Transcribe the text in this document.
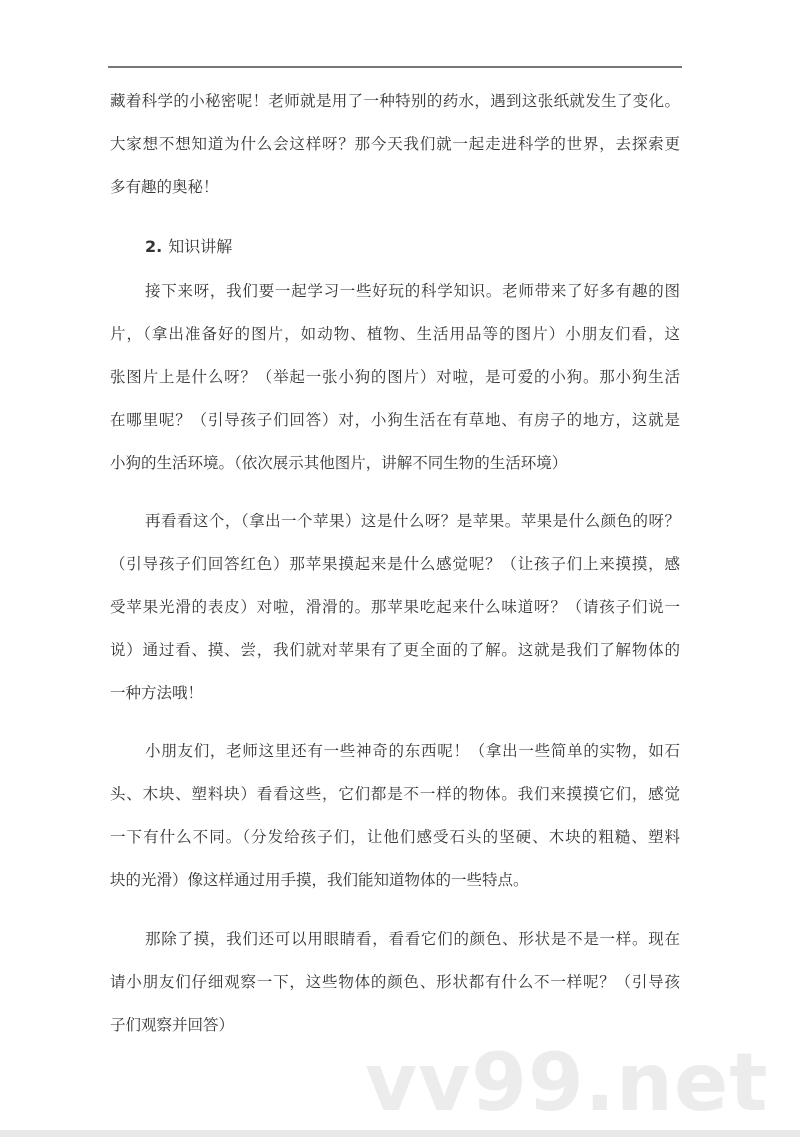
2. 知识讲解
藏着科学的小秘密呢！老师就是用了一种特别的药水，遇到这张纸就发生了变化。
大家想不想知道为什么会这样呀？那今天我们就一起走进科学的世界，去探索更
多有趣的奥秘！
接下来呀，我们要一起学习一些好玩的科学知识。老师带来了好多有趣的图
片，（拿出准备好的图片，如动物、植物、生活用品等的图片）小朋友们看，这
张图片上是什么呀？（举起一张小狗的图片）对啦，是可爱的小狗。那小狗生活
在哪里呢？（引导孩子们回答）对，小狗生活在有草地、有房子的地方，这就是
小狗的生活环境。（依次展示其他图片，讲解不同生物的生活环境）
再看看这个，（拿出一个苹果）这是什么呀？是苹果。苹果是什么颜色的呀？
（引导孩子们回答红色）那苹果摸起来是什么感觉呢？（让孩子们上来摸摸，感
受苹果光滑的表皮）对啦，滑滑的。那苹果吃起来什么味道呀？（请孩子们说一
说）通过看、摸、尝，我们就对苹果有了更全面的了解。这就是我们了解物体的
一种方法哦！
小朋友们，老师这里还有一些神奇的东西呢！（拿出一些简单的实物，如石
头、木块、塑料块）看看这些，它们都是不一样的物体。我们来摸摸它们，感觉
一下有什么不同。（分发给孩子们，让他们感受石头的坚硬、木块的粗糙、塑料
块的光滑）像这样通过用手摸，我们能知道物体的一些特点。
那除了摸，我们还可以用眼睛看，看看它们的颜色、形状是不是一样。现在
请小朋友们仔细观察一下，这些物体的颜色、形状都有什么不一样呢？（引导孩
子们观察并回答）
vv99.net
